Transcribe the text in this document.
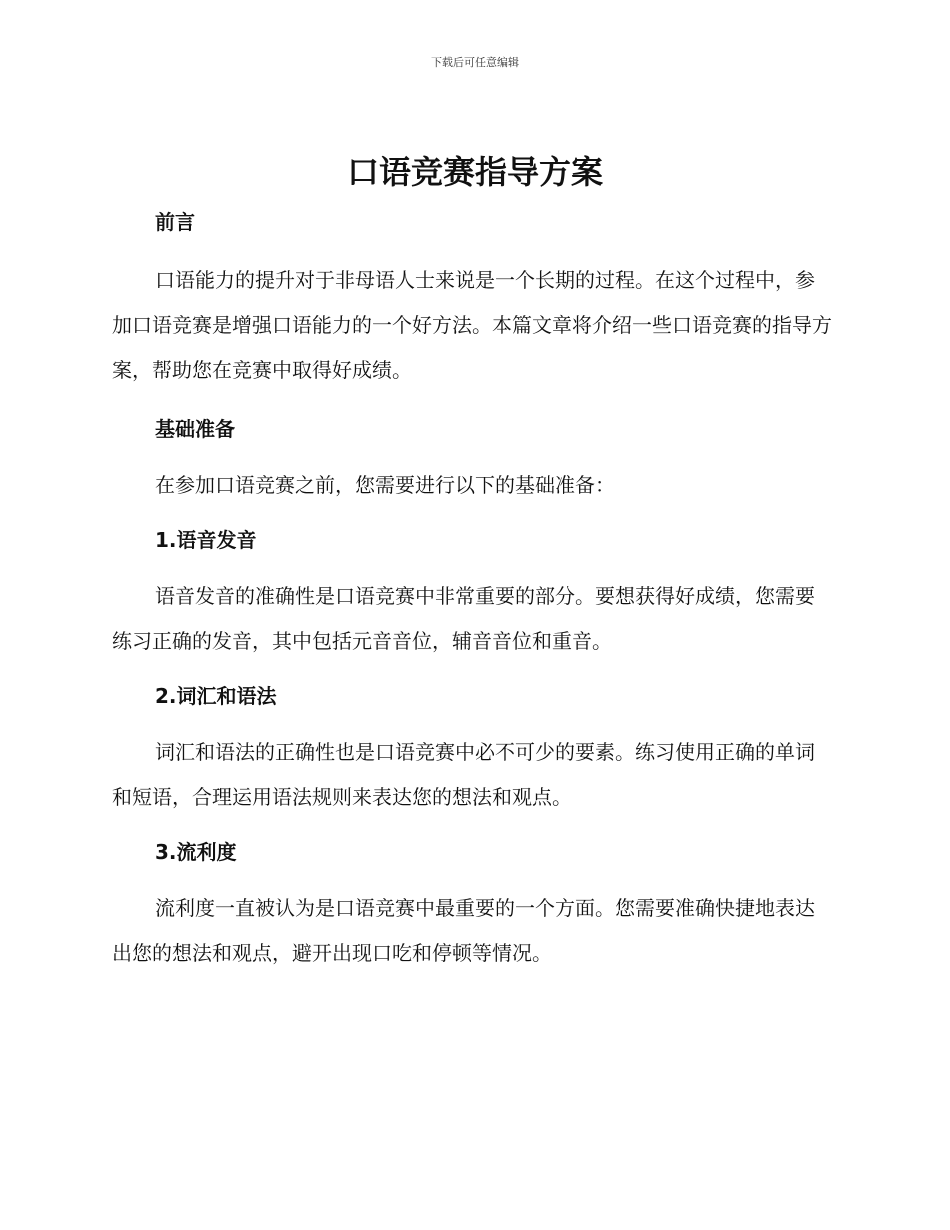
下载后可任意编辑
口语竞赛指导方案
前言

口语能力的提升对于非母语人士来说是一个长期的过程。在这个过程中，参加口语竞赛是增强口语能力的一个好方法。本篇文章将介绍一些口语竞赛的指导方案，帮助您在竞赛中取得好成绩。

基础准备

在参加口语竞赛之前，您需要进行以下的基础准备：

1.语音发音

语音发音的准确性是口语竞赛中非常重要的部分。要想获得好成绩，您需要练习正确的发音，其中包括元音音位，辅音音位和重音。

2.词汇和语法

词汇和语法的正确性也是口语竞赛中必不可少的要素。练习使用正确的单词和短语，合理运用语法规则来表达您的想法和观点。

3.流利度

流利度一直被认为是口语竞赛中最重要的一个方面。您需要准确快捷地表达出您的想法和观点，避开出现口吃和停顿等情况。
